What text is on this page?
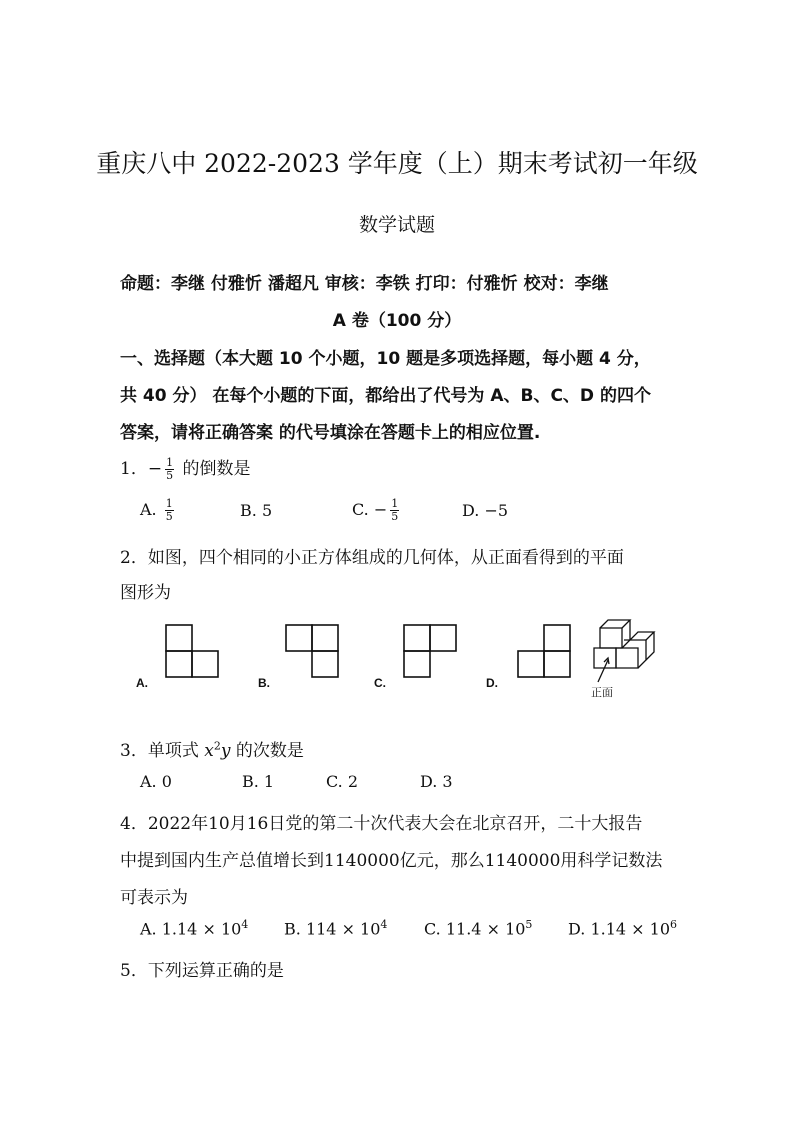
重庆八中 2022-2023 学年度（上）期末考试初一年级
数学试题
命题：李继 付雅忻 潘超凡 审核：李铁 打印：付雅忻 校对：李继
A 卷（100 分）
一、选择题（本大题 10 个小题，10 题是多项选择题，每小题 4 分，
共 40 分） 在每个小题的下面，都给出了代号为 A、B、C、D 的四个
答案，请将正确答案 的代号填涂在答题卡上的相应位置.
1．− $\frac{1}{5}$ 的倒数是
A. $\frac{1}{5}$	B. 5	C. − $\frac{1}{5}$	D. −5
2．如图，四个相同的小正方体组成的几何体，从正面看得到的平面
图形为
A.	B.	C.	D.
正面
3．单项式 $x^2y$ 的次数是
A. 0	B. 1	C. 2	D. 3
4．2022年10月16日党的第二十次代表大会在北京召开，二十大报告
中提到国内生产总值增长到1140000亿元，那么1140000用科学记数法
可表示为
A. $1.14 \times 10^4$ B. $114 \times 10^4$ C. $11.4 \times 10^5$ D. $1.14 \times 10^6$
5．下列运算正确的是
